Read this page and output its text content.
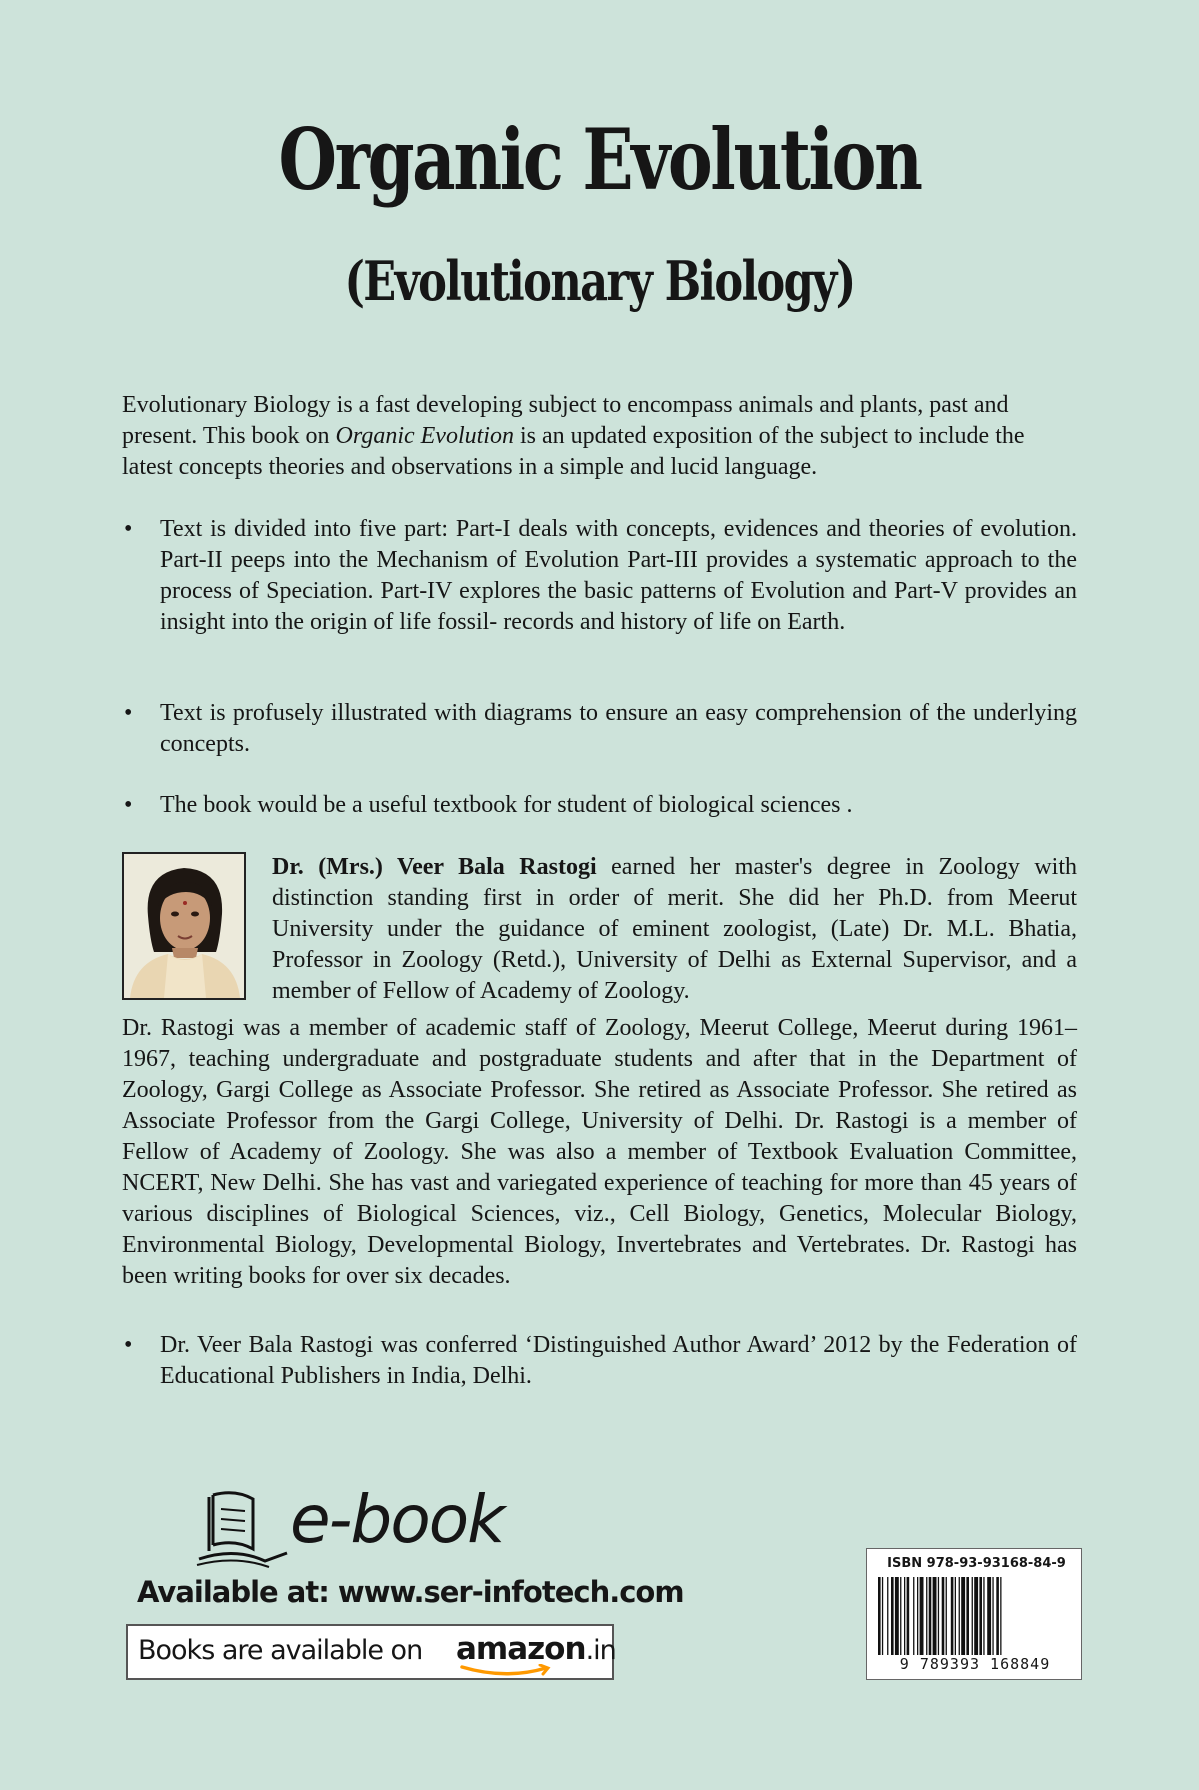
Organic Evolution
(Evolutionary Biology)

Evolutionary Biology is a fast developing subject to encompass animals and plants, past and present. This book on Organic Evolution is an updated exposition of the subject to include the latest concepts theories and observations in a simple and lucid language.

•	Text is divided into five part: Part-I deals with concepts, evidences and theories of evolution. Part-II peeps into the Mechanism of Evolution Part-III provides a systematic approach to the process of Speciation. Part-IV explores the basic patterns of Evolution and Part-V provides an insight into the origin of life fossil- records and history of life on Earth.
•	Text is profusely illustrated with diagrams to ensure an easy comprehension of the underlying concepts.
•	The book would be a useful textbook for student of biological sciences .

Dr. (Mrs.) Veer Bala Rastogi earned her master's degree in Zoology with distinction standing first in order of merit. She did her Ph.D. from Meerut University under the guidance of eminent zoologist, (Late) Dr. M.L. Bhatia, Professor in Zoology (Retd.), University of Delhi as External Supervisor, and a member of Fellow of Academy of Zoology.

Dr. Rastogi was a member of academic staff of Zoology, Meerut College, Meerut during 1961–1967, teaching undergraduate and postgraduate students and after that in the Department of Zoology, Gargi College as Associate Professor. She retired as Associate Professor. She retired as Associate Professor from the Gargi College, University of Delhi. Dr. Rastogi is a member of Fellow of Academy of Zoology. She was also a member of Textbook Evaluation Committee, NCERT, New Delhi. She has vast and variegated experience of teaching for more than 45 years of various disciplines of Biological Sciences, viz., Cell Biology, Genetics, Molecular Biology, Environmental Biology, Developmental Biology, Invertebrates and Vertebrates. Dr. Rastogi has been writing books for over six decades.

•	Dr. Veer Bala Rastogi was conferred ‘Distinguished Author Award’ 2012 by the Federation of Educational Publishers in India, Delhi.
e-book
Available at: www.ser-infotech.com
Books are available on amazon.in
ISBN 978-93-93168-84-9
9 789393 168849
